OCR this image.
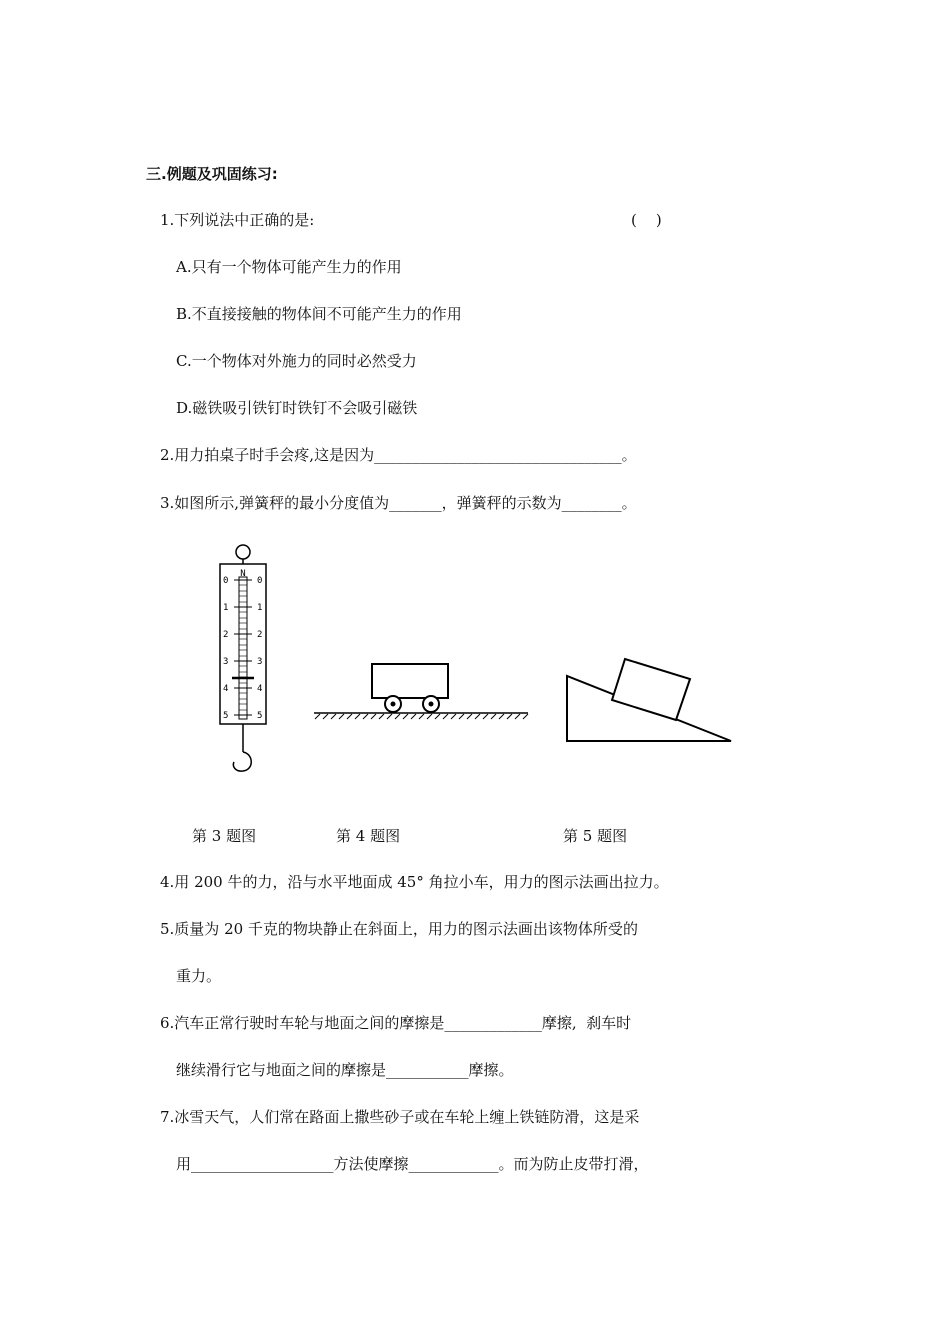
三.例题及巩固练习:
1.下列说法中正确的是:	(    )
A.只有一个物体可能产生力的作用
B.不直接接触的物体间不可能产生力的作用
C.一个物体对外施力的同时必然受力
D.磁铁吸引铁钉时铁钉不会吸引磁铁
2.用力拍桌子时手会疼,这是因为_________________________________。
3.如图所示,弹簧秤的最小分度值为_______，弹簧秤的示数为________。
N
0	0
1	1
2	2
3	3
4	4
5	5
第 3 题图	第 4 题图	第 5 题图
4.用 200 牛的力，沿与水平地面成 45° 角拉小车，用力的图示法画出拉力。
5.质量为 20 千克的物块静止在斜面上，用力的图示法画出该物体所受的
重力。
6.汽车正常行驶时车轮与地面之间的摩擦是_____________摩擦,  刹车时
继续滑行它与地面之间的摩擦是___________摩擦。
7.冰雪天气，人们常在路面上撒些砂子或在车轮上缠上铁链防滑，这是采
用___________________方法使摩擦____________。而为防止皮带打滑，
